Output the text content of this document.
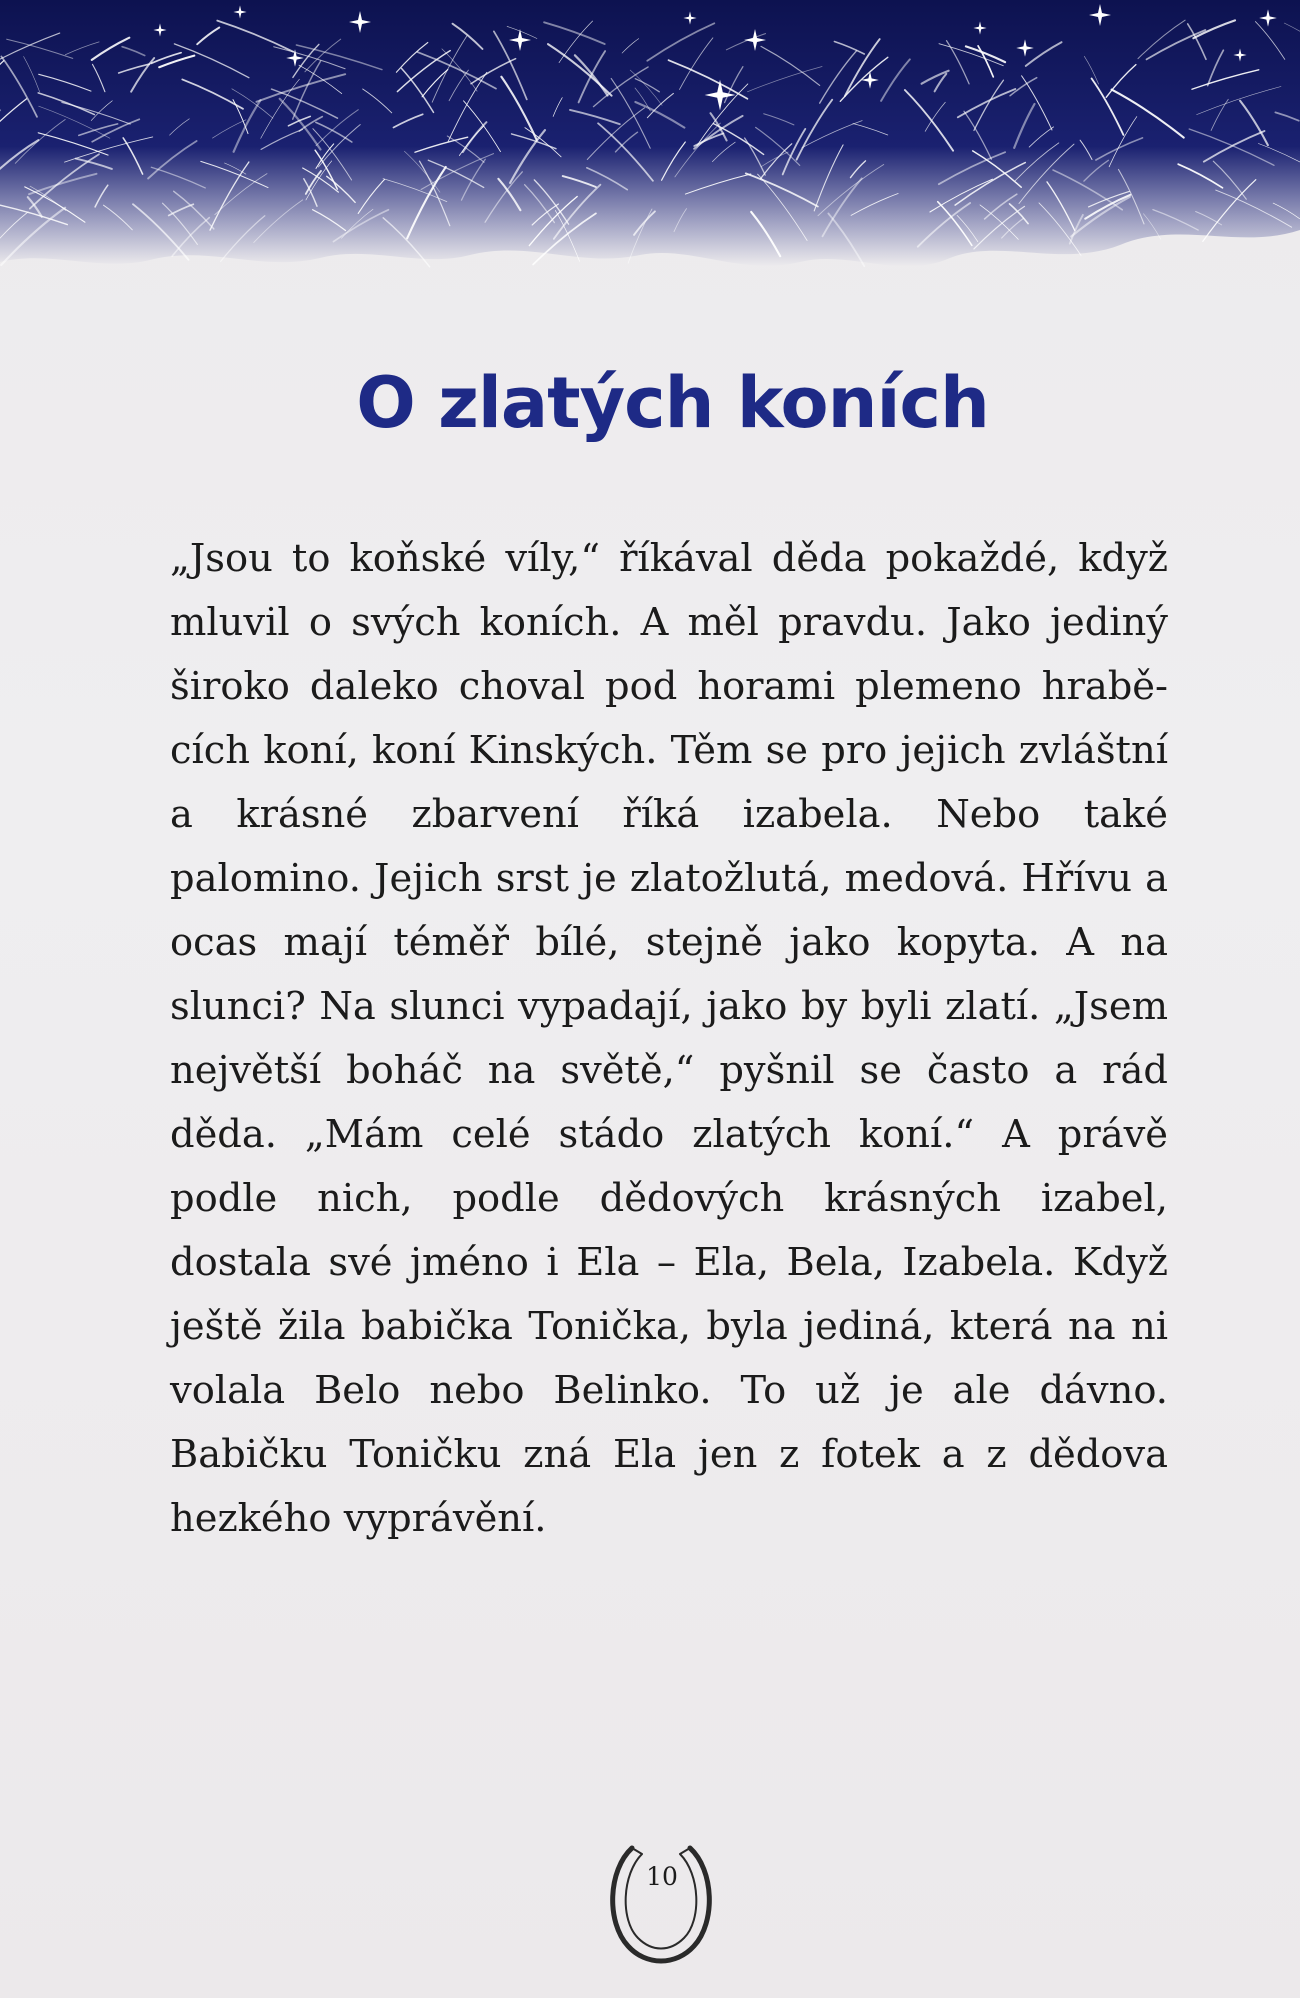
O zlatých koních

„Jsou to koňské víly,“ říkával děda pokaždé, když mluvil o svých koních. A měl pravdu. Jako jediný široko daleko choval pod horami plemeno hraběcích koní, koní Kinských. Těm se pro jejich zvláštní a krásné zbarvení říká izabela. Nebo také palomino. Jejich srst je zlatožlutá, medová. Hřívu a ocas mají téměř bílé, stejně jako kopyta. A na slunci? Na slunci vypadají, jako by byli zlatí. „Jsem největší boháč na světě,“ pyšnil se často a rád děda. „Mám celé stádo zlatých koní.“ A právě podle nich, podle dědových krásných izabel, dostala své jméno i Ela – Ela, Bela, Izabela. Když ještě žila babička Tonička, byla jediná, která na ni volala Belo nebo Belinko. To už je ale dávno. Babičku Toničku zná Ela jen z fotek a z dědova hezkého vyprávění.

10
